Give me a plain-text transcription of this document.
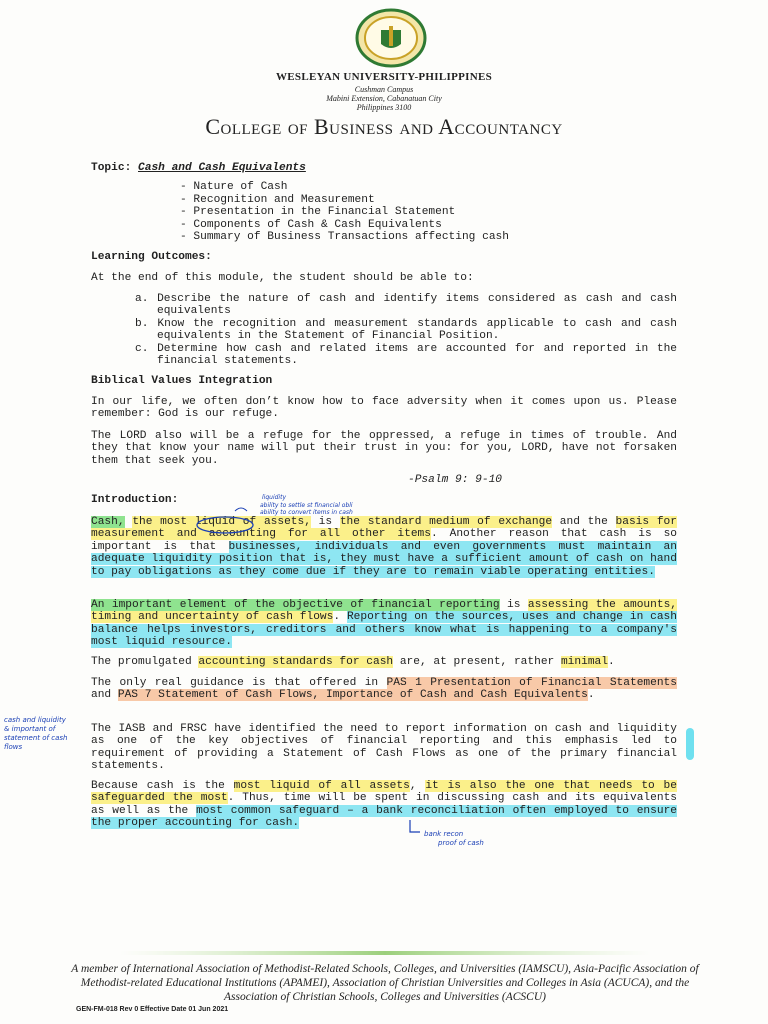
WESLEYAN UNIVERSITY-PHILIPPINES
Cushman Campus
Mabini Extension, Cabanatuan City
Philippines 3100
College of Business and Accountancy
Topic: Cash and Cash Equivalents
- Nature of Cash
- Recognition and Measurement
- Presentation in the Financial Statement
- Components of Cash & Cash Equivalents
- Summary of Business Transactions affecting cash
Learning Outcomes:
At the end of this module, the student should be able to:
a. Describe the nature of cash and identify items considered as cash and cash equivalents
b. Know the recognition and measurement standards applicable to cash and cash equivalents in the Statement of Financial Position.
c. Determine how cash and related items are accounted for and reported in the financial statements.
Biblical Values Integration
In our life, we often don’t know how to face adversity when it comes upon us. Please remember: God is our refuge.
The LORD also will be a refuge for the oppressed, a refuge in times of trouble. And they that know your name will put their trust in you: for you, LORD, have not forsaken them that seek you.
-Psalm 9: 9-10
Introduction:
Cash, the most liquid of assets, is the standard medium of exchange and the basis for measurement and accounting for all other items. Another reason that cash is so important is that businesses, individuals and even governments must maintain an adequate liquidity position that is, they must have a sufficient amount of cash on hand to pay obligations as they come due if they are to remain viable operating entities.
An important element of the objective of financial reporting is assessing the amounts, timing and uncertainty of cash flows. Reporting on the sources, uses and change in cash balance helps investors, creditors and others know what is happening to a company's most liquid resource.
The promulgated accounting standards for cash are, at present, rather minimal.
The only real guidance is that offered in PAS 1 Presentation of Financial Statements and PAS 7 Statement of Cash Flows, Importance of Cash and Cash Equivalents.
The IASB and FRSC have identified the need to report information on cash and liquidity as one of the key objectives of financial reporting and this emphasis led to requirement of providing a Statement of Cash Flows as one of the primary financial statements.
Because cash is the most liquid of all assets, it is also the one that needs to be safeguarded the most. Thus, time will be spent in discussing cash and its equivalents as well as the most common safeguard – a bank reconciliation often employed to ensure the proper accounting for cash.
liquidity
ability to settle st financial obli
ability to convert items in cash
cash and liquidity & important of statement of cash flows
bank recon
proof of cash
A member of International Association of Methodist-Related Schools, Colleges, and Universities (IAMSCU), Asia-Pacific Association of Methodist-related Educational Institutions (APAMEI), Association of Christian Universities and Colleges in Asia (ACUCA), and the Association of Christian Schools, Colleges and Universities (ACSCU)
GEN-FM-018 Rev 0 Effective Date 01 Jun 2021
